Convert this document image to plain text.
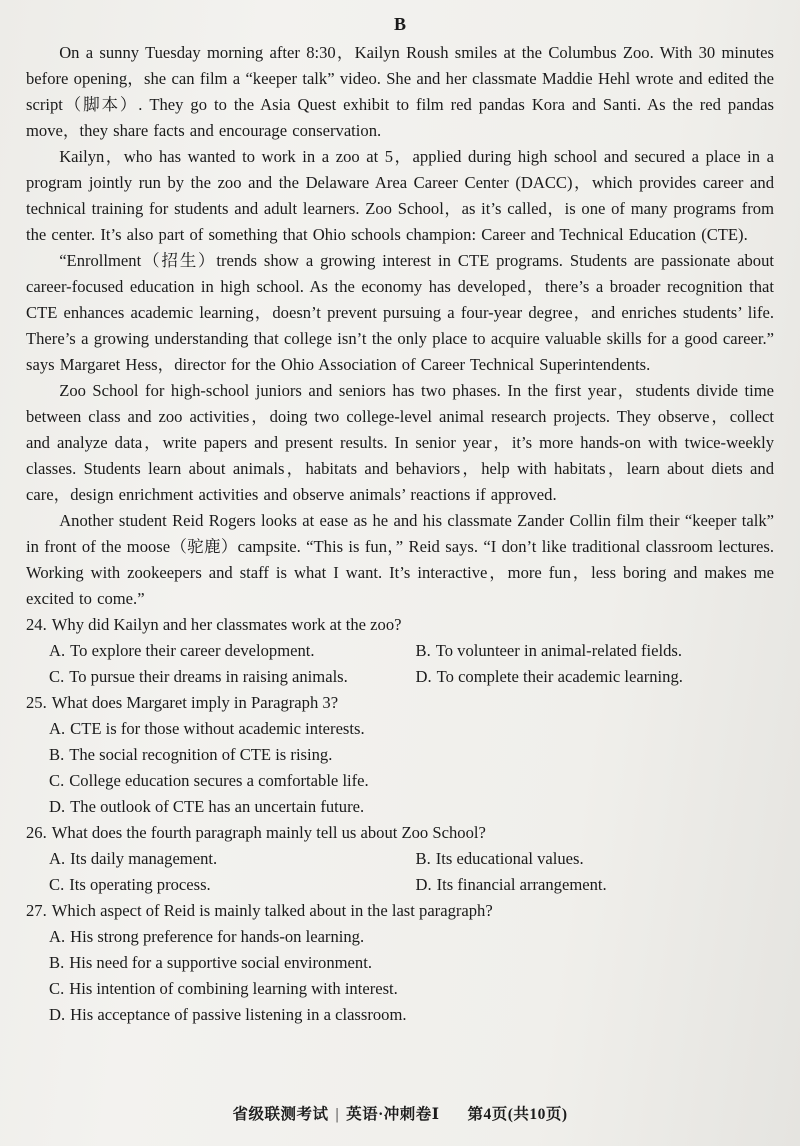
B

On a sunny Tuesday morning after 8:30，Kailyn Roush smiles at the Columbus Zoo. With 30 minutes before opening，she can film a “keeper talk” video. She and her classmate Maddie Hehl wrote and edited the script（脚本）. They go to the Asia Quest exhibit to film red pandas Kora and Santi. As the red pandas move，they share facts and encourage conservation.

Kailyn，who has wanted to work in a zoo at 5，applied during high school and secured a place in a program jointly run by the zoo and the Delaware Area Career Center (DACC)，which provides career and technical training for students and adult learners. Zoo School，as it’s called，is one of many programs from the center. It’s also part of something that Ohio schools champion: Career and Technical Education (CTE).

“Enrollment（招生）trends show a growing interest in CTE programs. Students are passionate about career-focused education in high school. As the economy has developed，there’s a broader recognition that CTE enhances academic learning，doesn’t prevent pursuing a four-year degree，and enriches students’ life. There’s a growing understanding that college isn’t the only place to acquire valuable skills for a good career.” says Margaret Hess，director for the Ohio Association of Career Technical Superintendents.

Zoo School for high-school juniors and seniors has two phases. In the first year，students divide time between class and zoo activities，doing two college-level animal research projects. They observe，collect and analyze data，write papers and present results. In senior year，it’s more hands-on with twice-weekly classes. Students learn about animals，habitats and behaviors，help with habitats，learn about diets and care，design enrichment activities and observe animals’ reactions if approved.

Another student Reid Rogers looks at ease as he and his classmate Zander Collin film their “keeper talk” in front of the moose（驼鹿）campsite. “This is fun，” Reid says. “I don’t like traditional classroom lectures. Working with zookeepers and staff is what I want. It’s interactive，more fun，less boring and makes me excited to come.”

24. Why did Kailyn and her classmates work at the zoo?
A. To explore their career development.	B. To volunteer in animal-related fields.
C. To pursue their dreams in raising animals.	D. To complete their academic learning.
25. What does Margaret imply in Paragraph 3?
A. CTE is for those without academic interests.
B. The social recognition of CTE is rising.
C. College education secures a comfortable life.
D. The outlook of CTE has an uncertain future.
26. What does the fourth paragraph mainly tell us about Zoo School?
A. Its daily management.	B. Its educational values.
C. Its operating process.	D. Its financial arrangement.
27. Which aspect of Reid is mainly talked about in the last paragraph?
A. His strong preference for hands-on learning.
B. His need for a supportive social environment.
C. His intention of combining learning with interest.
D. His acceptance of passive listening in a classroom.
省级联测考试 | 英语·冲刺卷Ⅰ 第4页(共10页)
